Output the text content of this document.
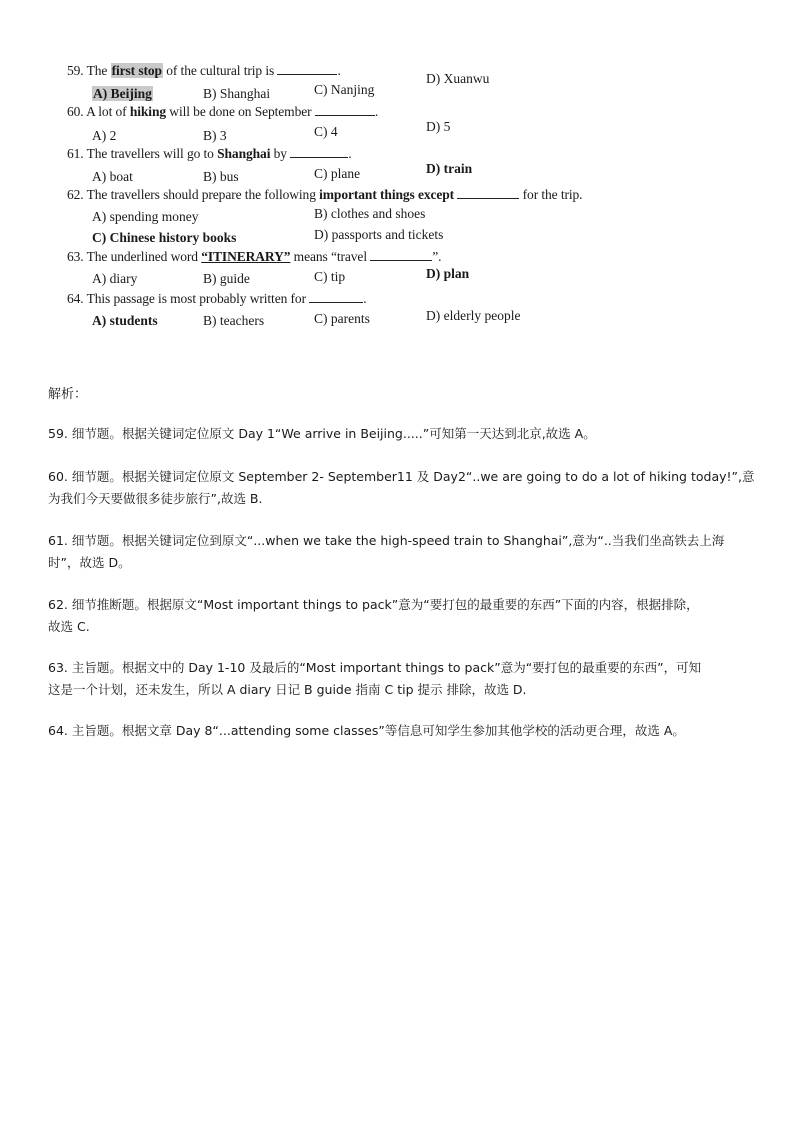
59. The first stop of the cultural trip is	.
A) Beijing	B) Shanghai	C) Nanjing
D) Xuanwu
60. A lot of hiking will be done on September	.
A) 2	B) 3	C) 4	D) 5
61. The travellers will go to Shanghai by	.
A) boat	B) bus	C) plane	D) train
62. The travellers should prepare the following important things except	for the trip.
A) spending money	B) clothes and shoes
C) Chinese history books	D) passports and tickets
63. The underlined word “ITINERARY” means “travel	”.
A) diary	B) guide	C) tip	D) plan
64. This passage is most probably written for	.
A) students	B) teachers	C) parents	D) elderly people
解析：
59. 细节题。根据关键词定位原文 Day 1“We arrive in Beijing.....”可知第一天达到北京,故选 A。
60. 细节题。根据关键词定位原文 September 2- September11 及 Day2“..we are going to do a lot of hiking today!”,意
为我们今天要做很多徒步旅行”,故选 B.
61. 细节题。根据关键词定位到原文“...when we take the high-speed train to Shanghai”,意为“..当我们坐高铁去上海
时”，故选 D。
62. 细节推断题。根据原文“Most important things to pack”意为“要打包的最重要的东西”下面的内容，根据排除，
故选 C.
63. 主旨题。根据文中的 Day 1-10 及最后的“Most important things to pack”意为“要打包的最重要的东西”，可知
这是一个计划，还未发生，所以 A diary 日记 B guide 指南 C tip 提示 排除，故选 D.
64. 主旨题。根据文章 Day 8“...attending some classes”等信息可知学生参加其他学校的活动更合理，故选 A。
